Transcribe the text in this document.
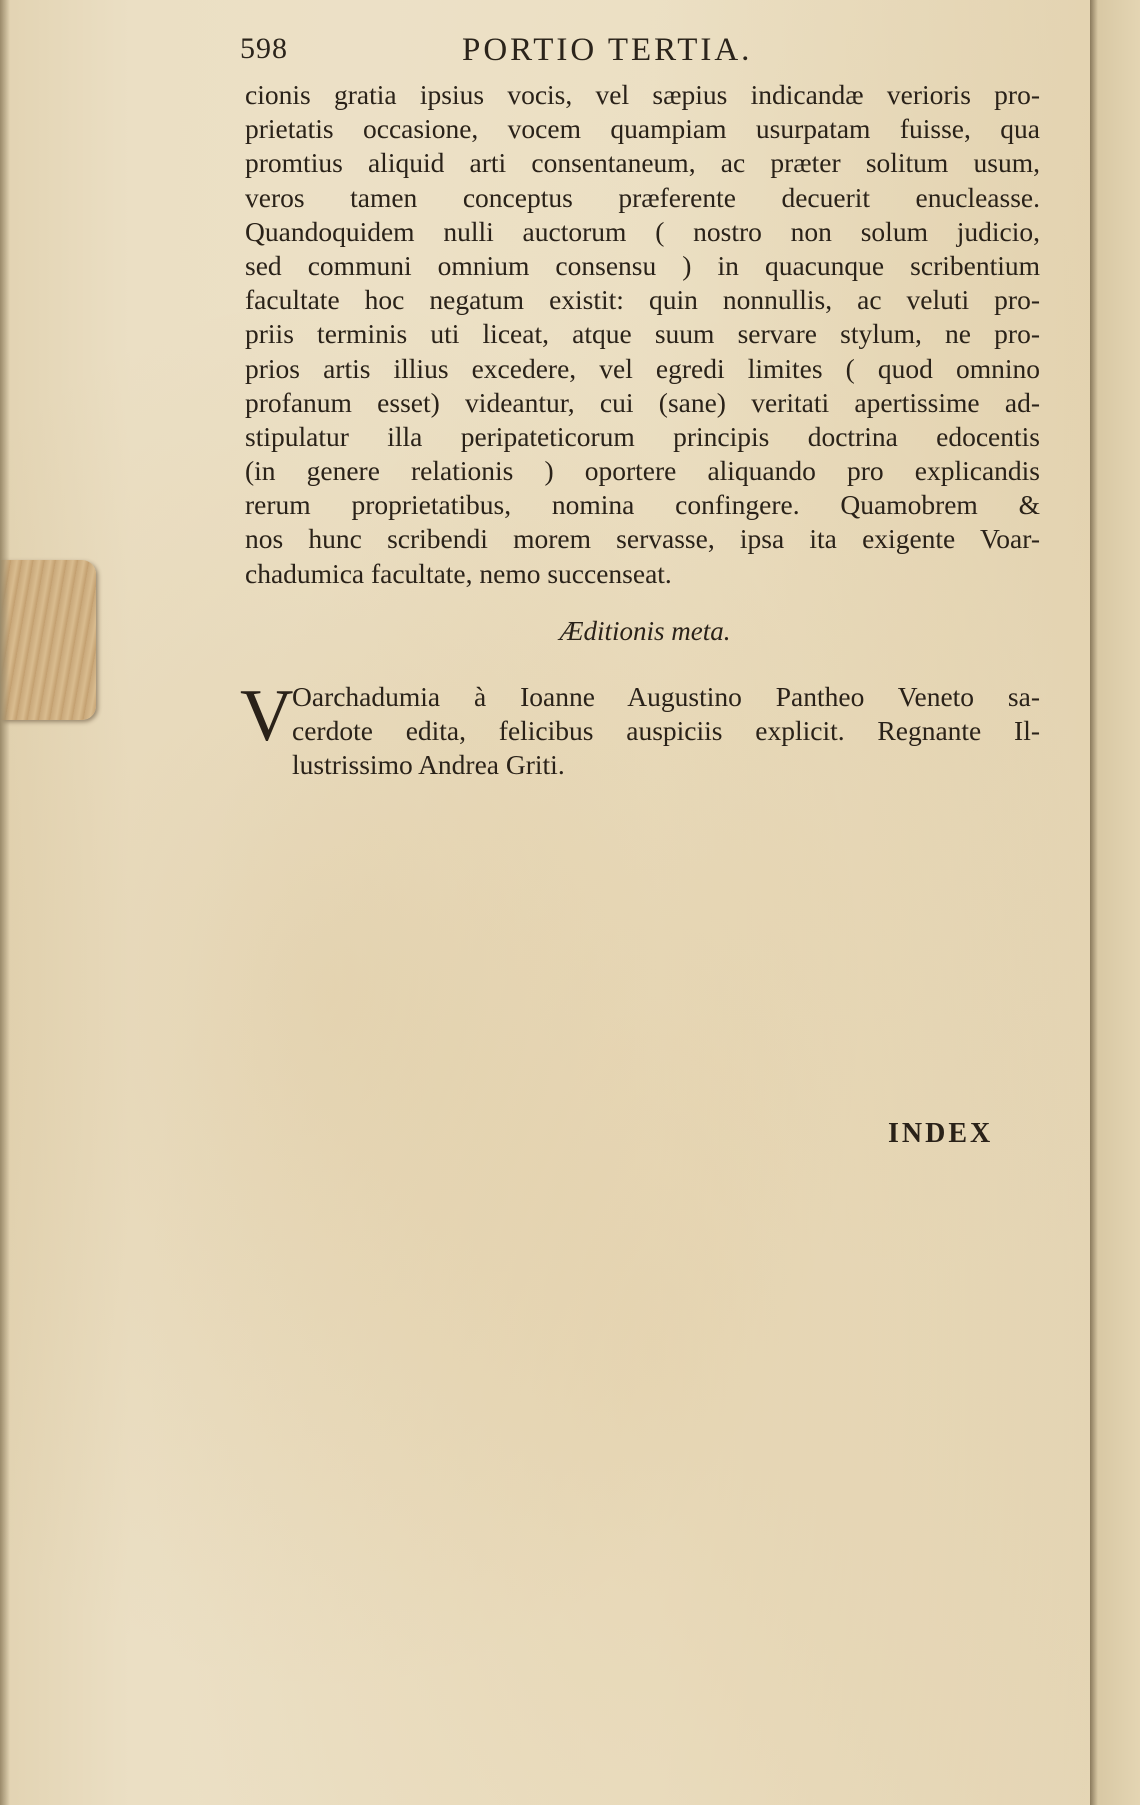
598	PORTIO TERTIA.
cionis gratia ipsius vocis, vel sæpius indicandæ verioris pro-
prietatis occasione, vocem quampiam usurpatam fuisse, qua
promtius aliquid arti consentaneum, ac præter solitum usum,
veros tamen conceptus præferente decuerit enucleasse.
Quandoquidem nulli auctorum ( nostro non solum judicio,
sed communi omnium consensu ) in quacunque scribentium
facultate hoc negatum existit: quin nonnullis, ac veluti pro-
priis terminis uti liceat, atque suum servare stylum, ne pro-
prios artis illius excedere, vel egredi limites ( quod omnino
profanum esset) videantur, cui (sane) veritati apertissime ad-
stipulatur illa peripateticorum principis doctrina edocentis
(in genere relationis ) oportere aliquando pro explicandis
rerum proprietatibus, nomina confingere. Quamobrem &
nos hunc scribendi morem servasse, ipsa ita exigente Voar-
chadumica facultate, nemo succenseat.
Æditionis meta.
V
Oarchadumia à Ioanne Augustino Pantheo Veneto sa-
cerdote edita, felicibus auspiciis explicit. Regnante Il-
lustrissimo Andrea Griti.
INDEX
